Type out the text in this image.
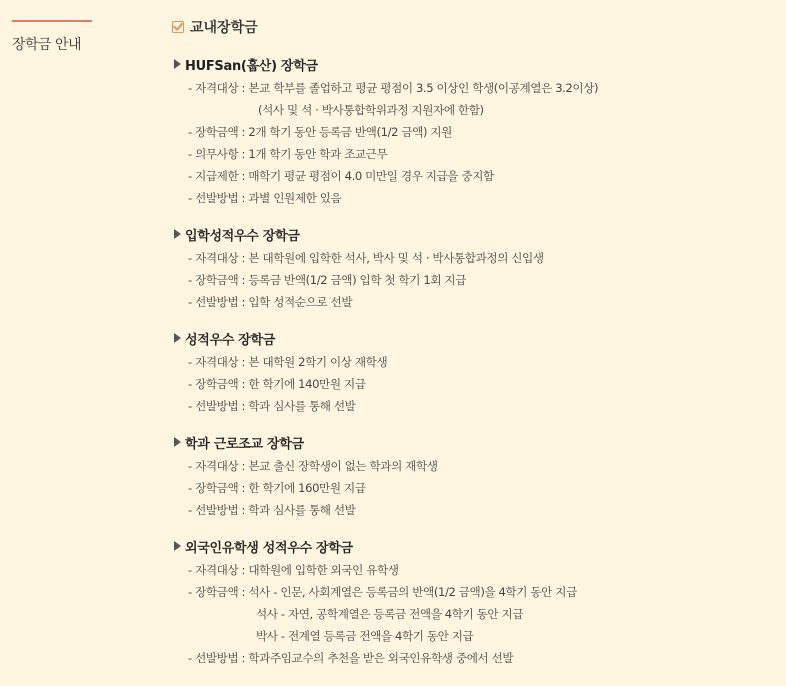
장학금 안내
교내장학금
HUFSan(훕산) 장학금
- 자격대상 : 본교 학부를 졸업하고 평균 평점이 3.5 이상인 학생(이공계열은 3.2이상)
(석사 및 석 · 박사통합학위과정 지원자에 한함)
- 장학금액 : 2개 학기 동안 등록금 반액(1/2 금액) 지원
- 의무사항 : 1개 학기 동안 학과 조교근무
- 지급제한 : 매학기 평균 평점이 4.0 미만일 경우 지급을 중지함
- 선발방법 : 과별 인원제한 있음
입학성적우수 장학금
- 자격대상 : 본 대학원에 입학한 석사, 박사 및 석 · 박사통합과정의 신입생
- 장학금액 : 등록금 반액(1/2 금액) 입학 첫 학기 1회 지급
- 선발방법 : 입학 성적순으로 선발
성적우수 장학금
- 자격대상 : 본 대학원 2학기 이상 재학생
- 장학금액 : 한 학기에 140만원 지급
- 선발방법 : 학과 심사를 통해 선발
학과 근로조교 장학금
- 자격대상 : 본교 출신 장학생이 없는 학과의 재학생
- 장학금액 : 한 학기에 160만원 지급
- 선발방법 : 학과 심사를 통해 선발
외국인유학생 성적우수 장학금
- 자격대상 : 대학원에 입학한 외국인 유학생
- 장학금액 : 석사 - 인문, 사회계열은 등록금의 반액(1/2 금액)을 4학기 동안 지급
석사 - 자연, 공학계열은 등록금 전액을 4학기 동안 지급
박사 - 전계열 등록금 전액을 4학기 동안 지급
- 선발방법 : 학과주임교수의 추천을 받은 외국인유학생 중에서 선발
